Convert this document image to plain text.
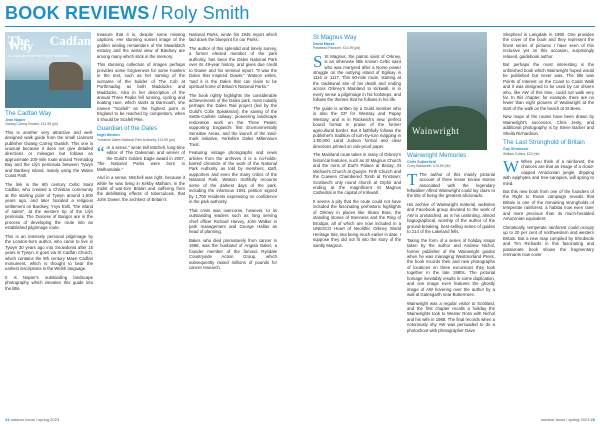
BOOK REVIEWS / Roly Smith
The Cadfan Way
A Landscape Walk from Tywyn to Bardsey
The Cadfan Way
Jean Napier
Gwasg Carreg Gwalch, £11.95 (pb)

This is another very attractive and well-designed walk guide from the small Llanrwst publisher Gwasg Carreg Gwalch. This one is unusual because it does not give detailed directions or mileages but follows an approximate 100-mile route around Tremadog Bay and the Llŷn peninsula between Tywyn and Bardsey Island, mainly using the Wales Coast Path.

The link is the 6th century Celtic Saint Cadfan, who created a Christian community at the starting point of Tywyn around 1,500 years ago, and later founded a religious settlement on Bardsey, Ynys Enlli, "the island of saints", at the western tip of the Llŷn peninsula. The Diocese of Bangor are in the process of developing the route into an established pilgrimage route.

This is an intensely personal pilgrimage by the London-born author, who came to live in Tywyn 30 years ago into Snowdonia after 15 years in Tywyn. It goes via St Cadfan Church, which contains the 9th century Maen Cadfan monument, which is thought to bear the earliest inscriptions in the Welsh language.

It is Napier's outstanding landscape photography which elevates this guide into the little

treasure that it is, despite some missing captions. Her stunning sunset image of the golden sealing remainders of the Mawddach estuary and the aerial view of Bardsey are among many which stick in the memory.

This stunning collection of images perhaps provides some forgiveness for some howlers in the text, such as her naming of the surname of the builder of The Cob at Porthmadog as both Maddocks and Maddocks. Also in her description of the annual Three Peaks fell running, cycling and boating race, which starts at Barmouth, she names "Scafell" as the highest point in England to be reached by competitors, when it should be Scafell Pike.

Guardian of the Dales
Nigel Weston
Yorkshire Dales National Park Authority, £14.99 (pb)

“ In a sense," wrote Bill Mitchell, long-time editor of The Dalesman and winner of the Guild's Golden Eagle award in 2007, "the National Parks were born in Malhamdale."

And in a sense, Mitchell was right, because it while he was living in Kirkby Malham, in the midst of war-torn Britain and suffering from the debilitating effects of tuberculosis, that John Dower, the architect of Britain's

National Parks, wrote his 1945 report which laid down the blueprint for our Parks.

The author of this splendid and timely survey, a former elected member of the park authority, has been the Dales National Park over its 49-year history, and gives due credit to Dower and his seminal report. "It was the Dales that inspired Dower," Watson writes, "and it is the Dales that can claim to be spiritual home of Britain's National Parks."

The book rightly highlights the considerable achievements of the Dales park, most notably perhaps the Dales Rail project (led by the Guild's Colin Speakman); the saving of the Settle-Carlisle railway; pioneering landscape restoration work on the Three Peaks; supporting England's first Environmentally Sensitive Areas, and the launch of the land-mark initiative, Yorkshire Dales Millennium Trust.

Featuring vintage photographs and news articles from the archives it is a no-holds-barred chronicle of the work of the National Park Authority as told by members, staff, supporters and even the many critics of the National Park. Watson truthfully recounts some of the darkest days of the park, including the infamous 1991 petition signed by 1,700 residents expressing no confidence in the park authority.

That crisis was overcome, however, to its outstanding leaders such as long serving chief officer Richard Harvey, John Walker in park management and George Hallas as head of planning.

Baker, who died prematurely from cancer in 1998, was the husband of Angela Baker, a founder member of the famous Ryedale Countryside Action Group, which subsequently raised millions of pounds for cancer research.

St Magnus Way
David Mazza
Pasthead Pandorn, £14.99 (pb)

S St Magnus, the patron saint of Orkney, is an otherwise little known Celtic saint who was martyred after a Norse power struggle on the outlying island of Egilsay in 1116 or 1117. This 60-mile route, starting at the traditional site of his death and ending across Orkney's Mainland to Kirkwall, is in every sense a pilgrimage in his footsteps, and follows the themes that he follows in his life.

The guide is written by a Guild member who is also the GP for Westray and Papay Westray, and is in Rackwick's new, perfect bound format in praise of the former agricultural border. But it faithfully follows the publisher's tradition of turn-by-turn mapping in 1:50,000 Land Judson formal and clear directions printed on rain-proof paper.

The Mainland route takes in many of Orkney's historical features, such as St Magnus Church and the ruins of Earl's Palace at Birsay; St Michael's Church at Quoyer, Firth Church and the Cuween Chambered Tomb at Finstown; Scotland's only round church at Orphir and ending at the magnificent St Magnus Cathedral in the capital of Kirkwall.

It seems a pity that the route could not have included the fascinating prehistoric highlights of Orkney in places like Skara Brae, the standing stones of Stenness and the Ring of Brodgar, all of which are now included in a UNESCO Heart of Neolithic Orkney World Heritage Site. But being much earlier in date, I suppose they did not fit into the story of the saintly Magnus.

Wainwright
Wainwright Memories
Chris Sutherfield
Crory Baldworth, £14.99 (hb)

T The author of this mainly pictorial account of three lesser known stories associated with the legendary fellwalker Alfred Wainwright could lay claim to the title of being the greatest aficionado.

His archive of Wainwright material, websites and Facebook group devoted to the work of AW is unmatched, as is his unstinting, almost hagiographical, worship of the author of the ground-breaking, best-selling series of guides to 214 of the Lakeland fells.

Taking the form of a series of holiday snaps taken by the author and Andrew Nichol, former publisher of the Wainwright guides when he was managing Westmorland Press, the book records their and new photographs of locations on three excursions they took together in the late 1980s. The pictorial homage inevitably results in some duplication, and one image even features the ghostly image of AW hovering over the author by a wall at Gatesgarth near Buttermere.

Wainwright was a regular visitor to Scotland, and the first chapter recalls a holiday the Wainwrights took to Wester Ross with Nichol and his wife in 1988. The final records when a notoriously shy AW was persuaded to do a photoshoot with photographer Dave

Shepherd in Langdale in 1990. One provides the cover of the book and they represent the finest series of pictures I have seen of this reclusive yet on this occasion, surprisingly relaxed, guidebook author.

But perhaps the most interesting is the unfinished book which Wainwright hoped would be published but never was. The title was Points of Interest on the Coast to Coast Walk and it was designed to be used by car drivers who, like AW of this time, could not walk very far. In this chapter, for example, there are no fewer than eight pictures of Wainwright at the start of the walk on the beach at St Bees.

New maps of the routes have been drawn by Wainwright's successor, Chris Jesty, and additional photography is by Steve Barber and Sheila Richardson.

The Last Stronghold of Britain
Guy Shrubsole
William Collins, £20 (hb)

W When you think of a rainforest, the chances are that an image of a cloud-capped Amazonian jungle, dripping with epiphytes and tree-canopies, will spring to mind.

But this new book from one of the founders of the Right to Roam campaign reveals that Britain is one of the remaining strongholds of temperate rainforest, a habitat now even rarer and more precious than its much-heralded Amazonian equivalent.

Climatically, temperate rainforest could occupy up to 20 per cent of northwestern and western Britain. But a new map compiled by Shrubsole and Tim Richards in this fascinating and passionate book shows the fragmentary remnants now cover

24 outdoor focus / spring 2023	outdoor focus / spring 2023 25
